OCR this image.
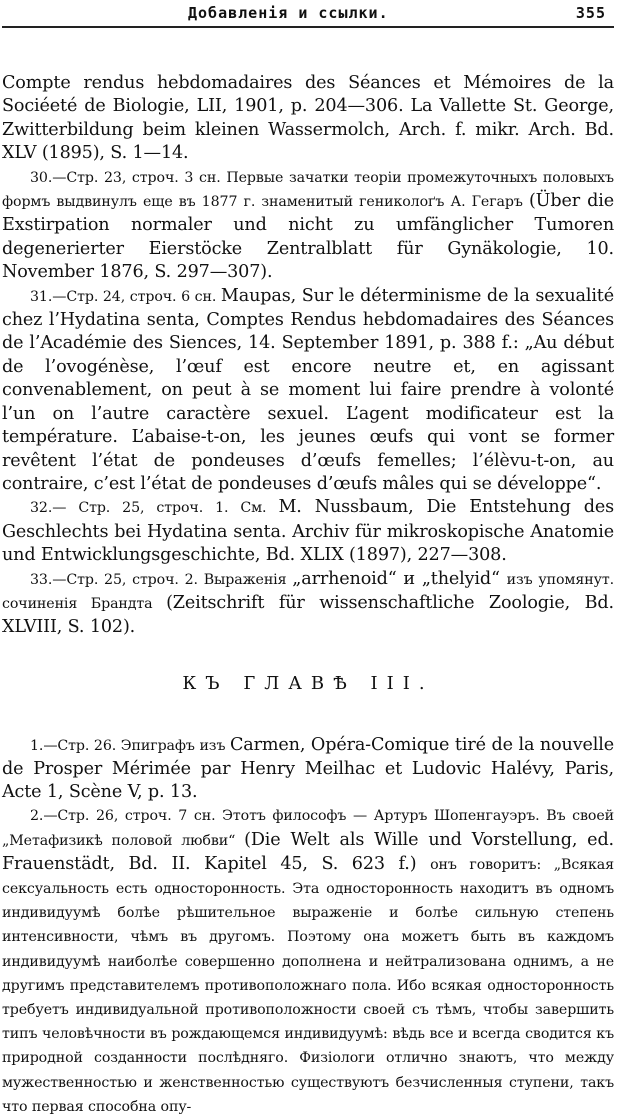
Добавленія и ссылки.	355

Compte rendus hebdomadaires des Séances et Mémoires de la Sociéeté de Biologie, LII, 1901, p. 204—306. La Vallette St. George, Zwitterbildung beim kleinen Wassermolch, Arch. f. mikr. Arch. Bd. XLV (1895), S. 1—14.

30.—Стр. 23, строч. 3 сн. Первые зачатки теоріи промежуточныхъ половыхъ формъ выдвинулъ еще въ 1877 г. знаменитый гениколоґъ А. Гегаръ (Über die Exstirpation normaler und nicht zu umfänglicher Tumoren degenerierter Eierstöcke Zentralblatt für Gynäkologie, 10. November 1876, S. 297—307).

31.—Стр. 24, строч. 6 сн. Maupas, Sur le déterminisme de la sexualité chez l’Hydatina senta, Comptes Rendus hebdomadaires des Séances de l’Académie des Siences, 14. September 1891, p. 388 f.: „Au début de l’ovogénèse, l’œuf est encore neutre et, en agissant convenablement, on peut à se moment lui faire prendre à volonté l’un on l’autre caractère sexuel. L’agent modificateur est la température. L’abaise-t-on, les jeunes œufs qui vont se former revêtent l’état de pondeuses d’œufs femelles; l’élèvu-t-on, au contraire, c’est l’état de pondeuses d’œufs mâles qui se développe“.

32.— Стр. 25, строч. 1. См. M. Nussbaum, Die Entstehung des Geschlechts bei Hydatina senta. Archiv für mikroskopische Anatomie und Entwicklungsgeschichte, Bd. XLIX (1897), 227—308.

33.—Стр. 25, строч. 2. Выраженія „arrhenoid“ и „thelyid“ изъ упомянут. сочиненія Брандта (Zeitschrift für wissenschaftliche Zoologie, Bd. XLVIII, S. 102).

КЪ ГЛАВѢ III.

1.—Стр. 26. Эпиграфъ изъ Carmen, Opéra-Comique tiré de la nouvelle de Prosper Mérimée par Henry Meilhac et Ludovic Halévy, Paris, Acte 1, Scène V, p. 13.

2.—Стр. 26, строч. 7 сн. Этотъ философъ — Артуръ Шопенгауэръ. Въ своей „Метафизикѣ половой любви“ (Die Welt als Wille und Vorstellung, ed. Frauenstädt, Bd. II. Kapitel 45, S. 623 f.) онъ говоритъ: „Всякая сексуальность есть односторонность. Эта односторонность находитъ въ одномъ индивидуумѣ болѣе рѣшительное выраженіе и болѣе сильную степень интенсивности, чѣмъ въ другомъ. Поэтому она можетъ быть въ каждомъ индивидуумѣ наиболѣе совершенно дополнена и нейтрализована однимъ, а не другимъ представителемъ противоположнаго пола. Ибо всякая односторонность требуетъ индивидуальной противоположности своей съ тѣмъ, чтобы завершить типъ человѣчности въ рождающемся индивидуумѣ: вѣдь все и всегда сводится къ природной созданности послѣдняго. Физіологи отлично знаютъ, что между мужественностью и женственностью существуютъ безчисленныя ступени, такъ что первая способна опу-
